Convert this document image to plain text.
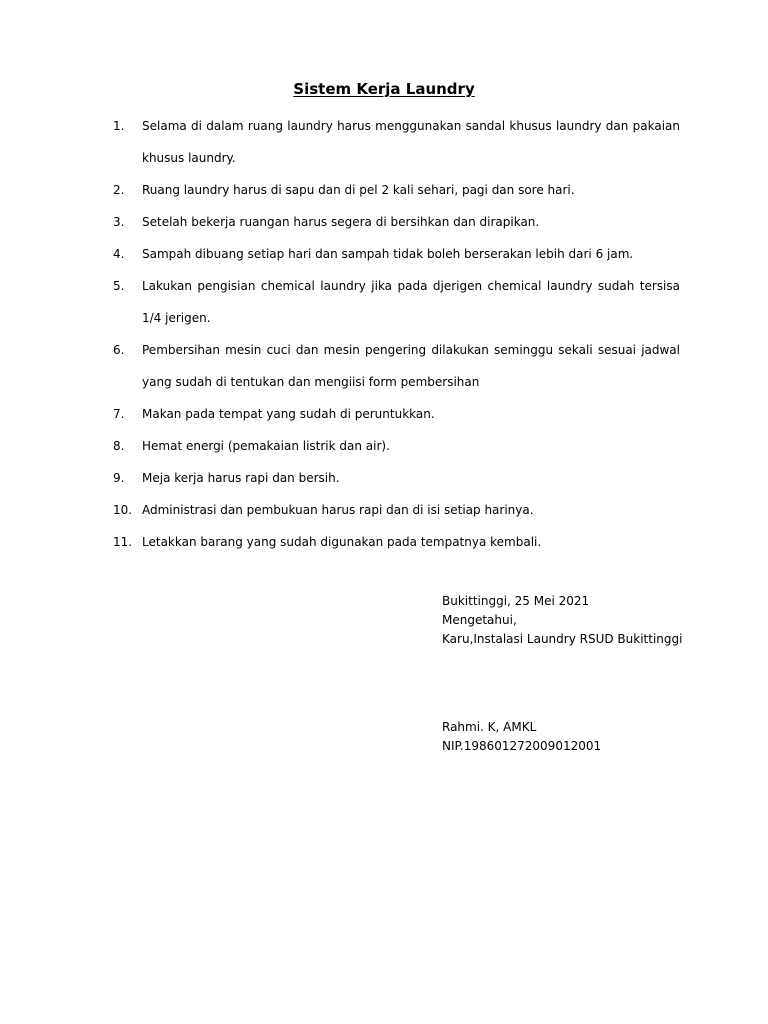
Sistem Kerja Laundry
1.	Selama di dalam ruang laundry harus menggunakan sandal khusus laundry dan pakaian khusus laundry.
2.	Ruang laundry harus di sapu dan di pel 2 kali sehari, pagi dan sore hari.
3.	Setelah bekerja ruangan harus segera di bersihkan dan dirapikan.
4.	Sampah dibuang setiap hari dan sampah tidak boleh berserakan lebih dari 6 jam.
5.	Lakukan pengisian chemical laundry jika pada djerigen chemical laundry sudah tersisa 1/4 jerigen.
6.	Pembersihan mesin cuci dan mesin pengering dilakukan seminggu sekali sesuai jadwal yang sudah di tentukan dan mengiisi form pembersihan
7.	Makan pada tempat yang sudah di peruntukkan.
8.	Hemat energi (pemakaian listrik dan air).
9.	Meja kerja harus rapi dan bersih.
10. Administrasi dan pembukuan harus rapi dan di isi setiap harinya.
11. Letakkan barang yang sudah digunakan pada tempatnya kembali.
Bukittinggi, 25 Mei 2021
Mengetahui,
Karu,Instalasi Laundry RSUD Bukittinggi
Rahmi. K, AMKL
NIP.198601272009012001
